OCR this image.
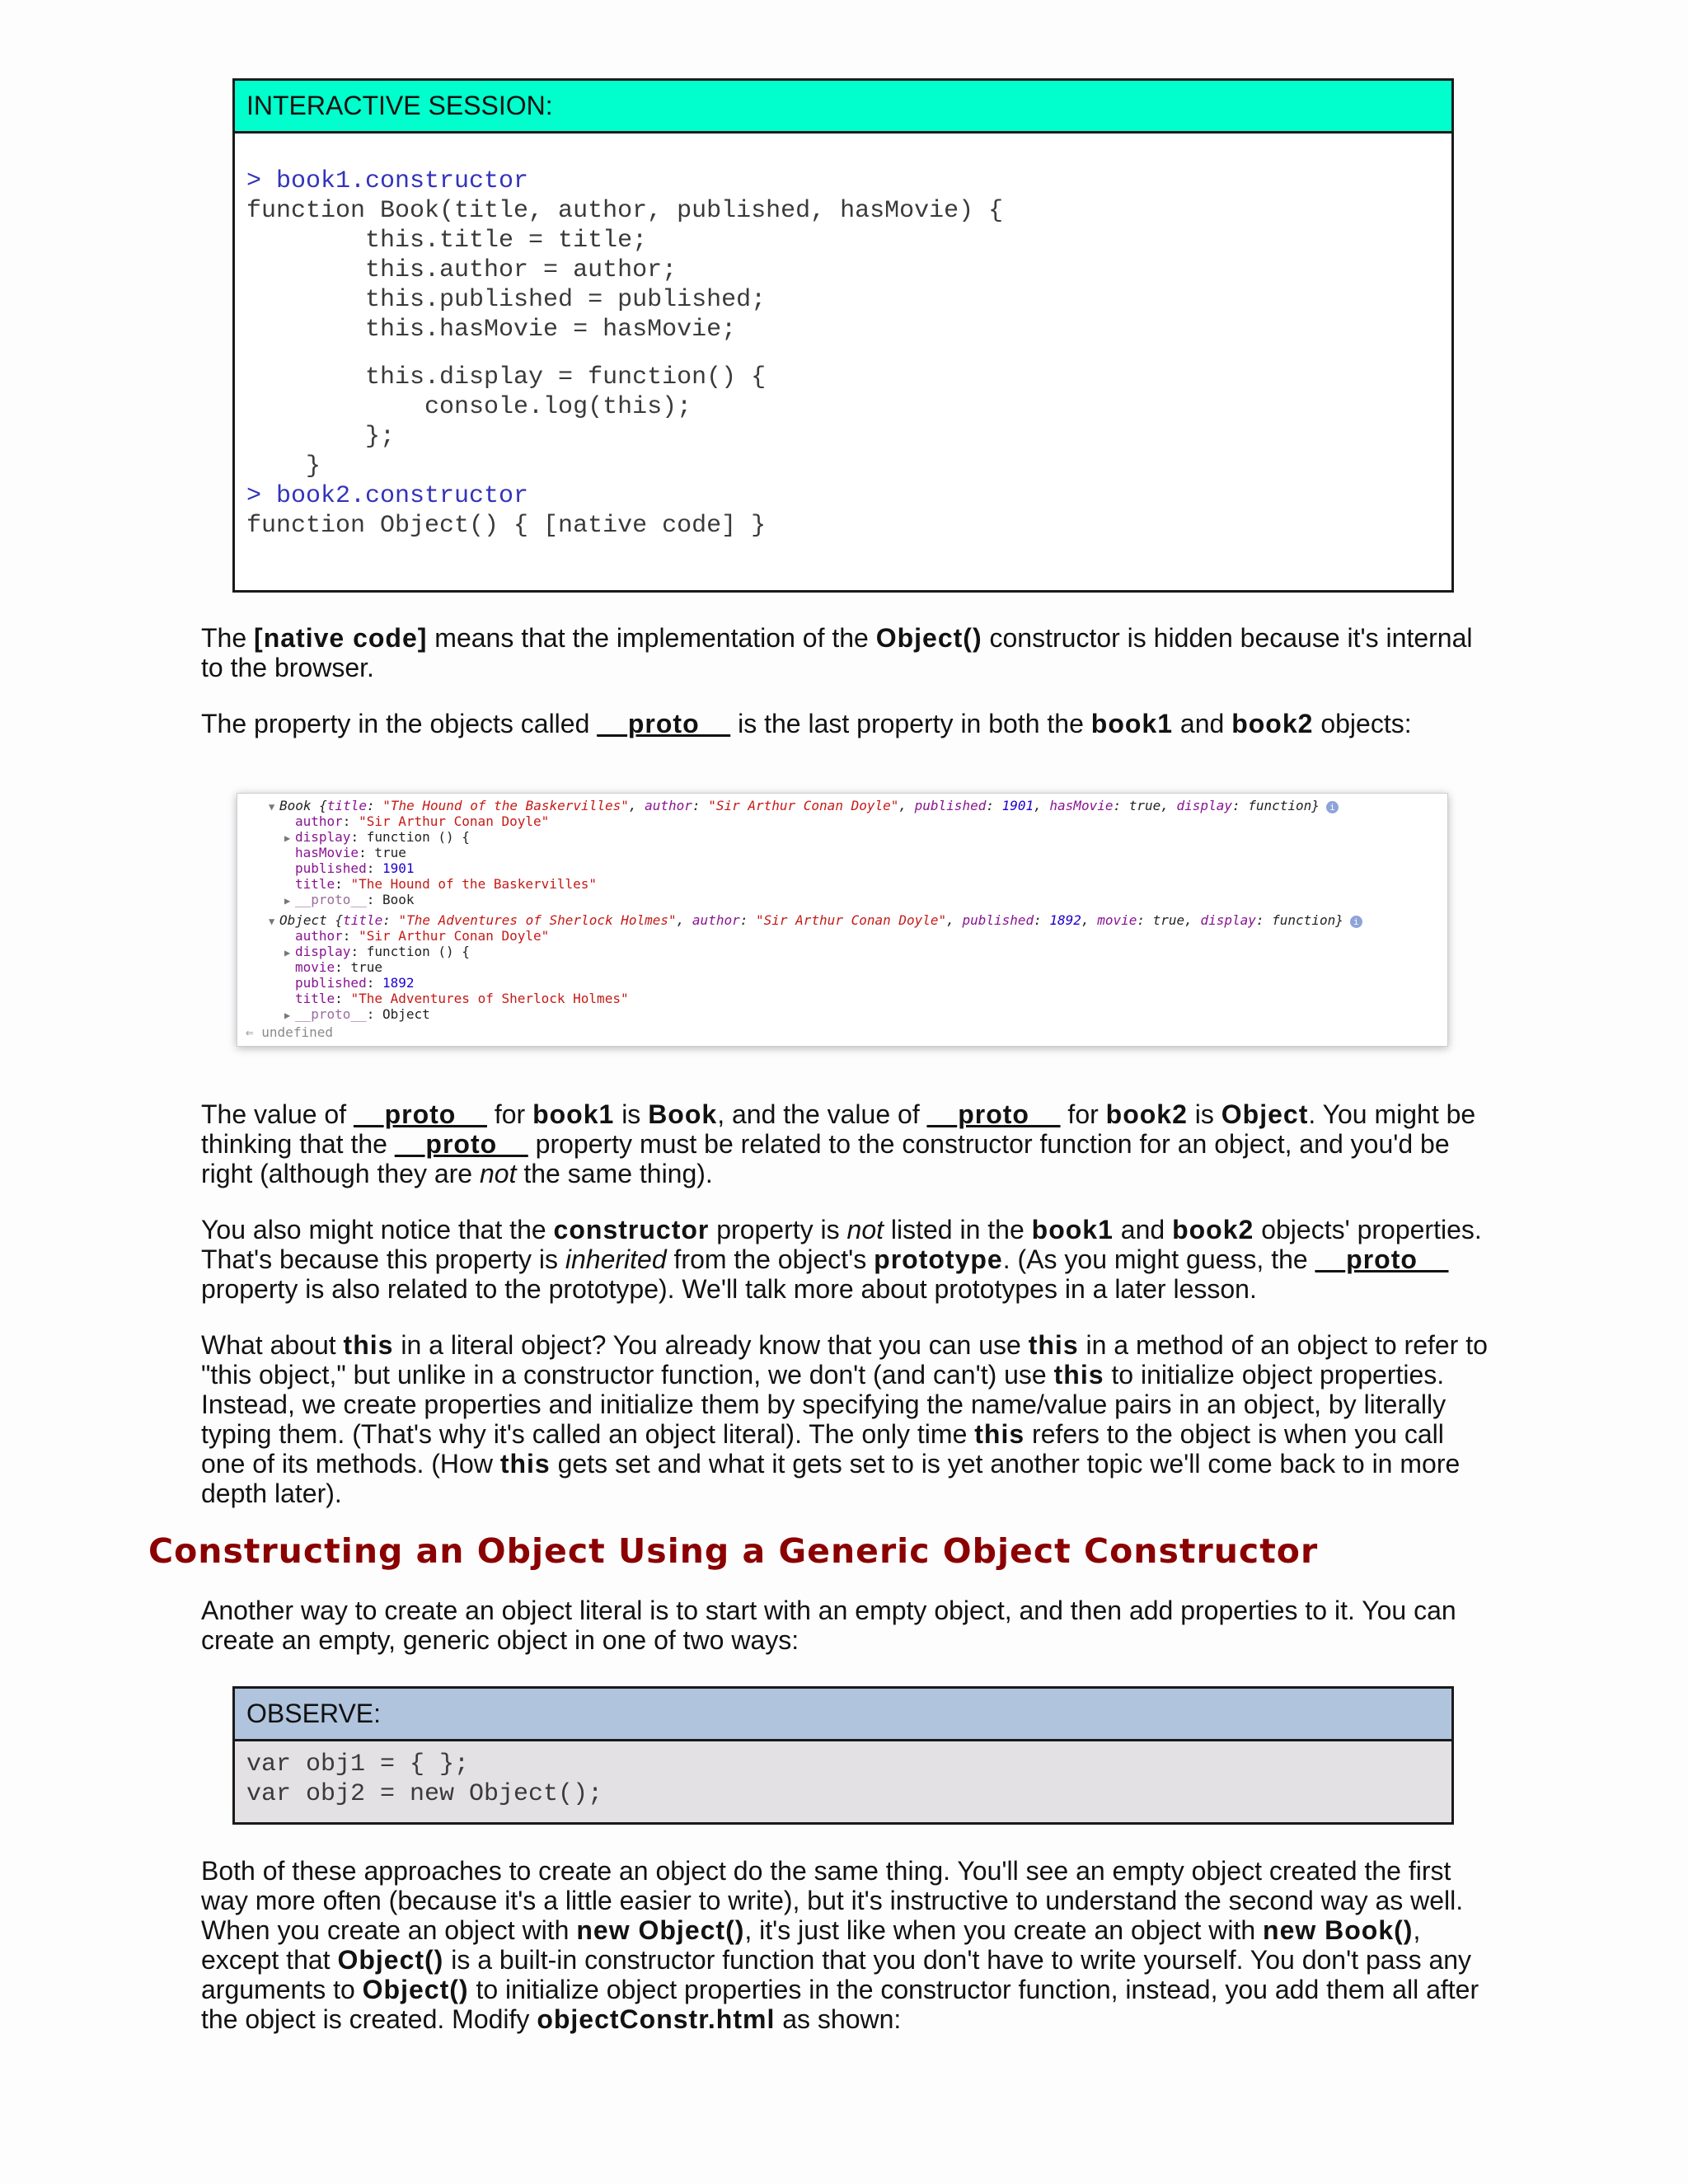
INTERACTIVE SESSION:
> book1.constructor
function Book(title, author, published, hasMovie) {
this.title = title;
this.author = author;
this.published = published;
this.hasMovie = hasMovie;
this.display = function() {
console.log(this);
};
}
> book2.constructor
function Object() { [native code] }

The [native code] means that the implementation of the Object() constructor is hidden because it's internal to the browser.

The property in the objects called __proto__ is the last property in both the book1 and book2 objects:

▼ Book {title: "The Hound of the Baskervilles", author: "Sir Arthur Conan Doyle", published: 1901, hasMovie: true, display: function} i
author: "Sir Arthur Conan Doyle"
▶ display: function () {
hasMovie: true
published: 1901
title: "The Hound of the Baskervilles"
▶ __proto__: Book
▼ Object {title: "The Adventures of Sherlock Holmes", author: "Sir Arthur Conan Doyle", published: 1892, movie: true, display: function} i
author: "Sir Arthur Conan Doyle"
▶ display: function () {
movie: true
published: 1892
title: "The Adventures of Sherlock Holmes"
▶ __proto__: Object
⇐ undefined

The value of __proto__ for book1 is Book, and the value of __proto__ for book2 is Object. You might be thinking that the __proto__ property must be related to the constructor function for an object, and you'd be right (although they are not the same thing).

You also might notice that the constructor property is not listed in the book1 and book2 objects' properties. That's because this property is inherited from the object's prototype. (As you might guess, the __proto__ property is also related to the prototype). We'll talk more about prototypes in a later lesson.

What about this in a literal object? You already know that you can use this in a method of an object to refer to "this object," but unlike in a constructor function, we don't (and can't) use this to initialize object properties. Instead, we create properties and initialize them by specifying the name/value pairs in an object, by literally typing them. (That's why it's called an object literal). The only time this refers to the object is when you call one of its methods. (How this gets set and what it gets set to is yet another topic we'll come back to in more depth later).

Constructing an Object Using a Generic Object Constructor

Another way to create an object literal is to start with an empty object, and then add properties to it. You can create an empty, generic object in one of two ways:

OBSERVE:
var obj1 = { };
var obj2 = new Object();

Both of these approaches to create an object do the same thing. You'll see an empty object created the first way more often (because it's a little easier to write), but it's instructive to understand the second way as well. When you create an object with new Object(), it's just like when you create an object with new Book(), except that Object() is a built-in constructor function that you don't have to write yourself. You don't pass any arguments to Object() to initialize object properties in the constructor function, instead, you add them all after the object is created. Modify objectConstr.html as shown:
